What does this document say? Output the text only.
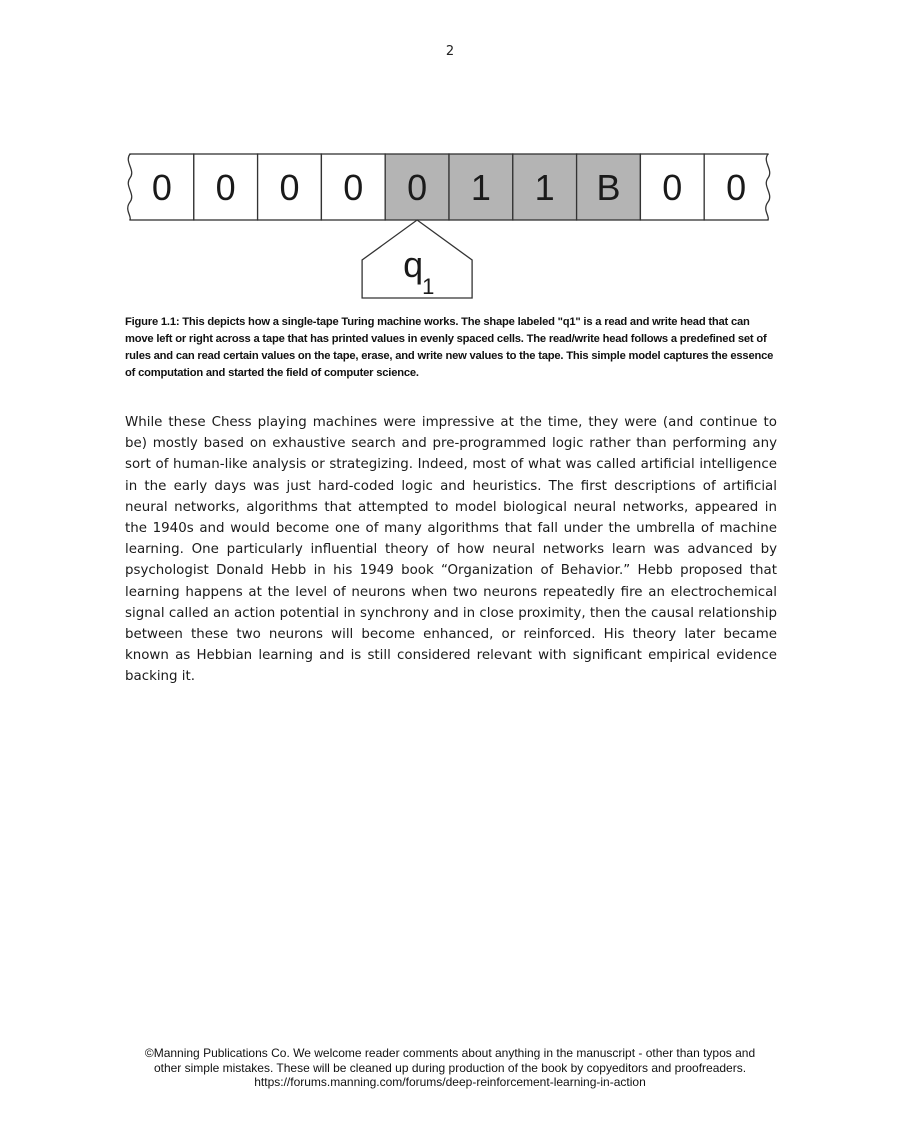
2
0 0 0 0 0 1 1 B 0 0
q
1
Figure 1.1: This depicts how a single-tape Turing machine works. The shape labeled "q1" is a read and write head that can move left or right across a tape that has printed values in evenly spaced cells. The read/write head follows a predefined set of rules and can read certain values on the tape, erase, and write new values to the tape. This simple model captures the essence of computation and started the field of computer science.
While these Chess playing machines were impressive at the time, they were (and continue to be) mostly based on exhaustive search and pre-programmed logic rather than performing any sort of human-like analysis or strategizing. Indeed, most of what was called artificial intelligence in the early days was just hard-coded logic and heuristics. The first descriptions of artificial neural networks, algorithms that attempted to model biological neural networks, appeared in the 1940s and would become one of many algorithms that fall under the umbrella of machine learning. One particularly influential theory of how neural networks learn was advanced by psychologist Donald Hebb in his 1949 book “Organization of Behavior.” Hebb proposed that learning happens at the level of neurons when two neurons repeatedly fire an electrochemical signal called an action potential in synchrony and in close proximity, then the causal relationship between these two neurons will become enhanced, or reinforced. His theory later became known as Hebbian learning and is still considered relevant with significant empirical evidence backing it.
©Manning Publications Co. We welcome reader comments about anything in the manuscript - other than typos and
other simple mistakes. These will be cleaned up during production of the book by copyeditors and proofreaders.
https://forums.manning.com/forums/deep-reinforcement-learning-in-action
